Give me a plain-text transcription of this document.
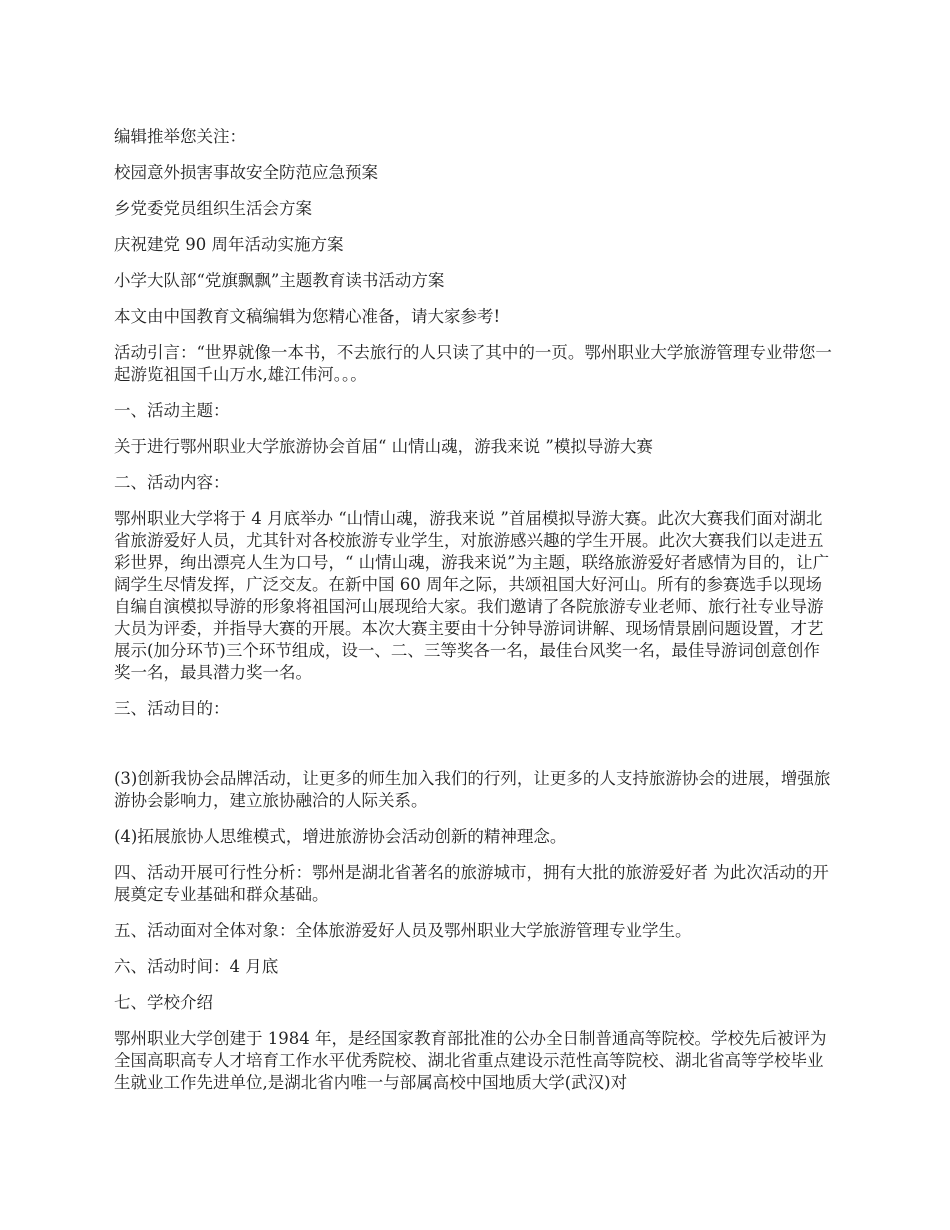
编辑推举您关注：

校园意外损害事故安全防范应急预案

乡党委党员组织生活会方案

庆祝建党 90 周年活动实施方案

小学大队部“党旗飘飘”主题教育读书活动方案

本文由中国教育文稿编辑为您精心准备，请大家参考!

活动引言：“世界就像一本书，不去旅行的人只读了其中的一页。鄂州职业大学旅游管理专业带您一起游览祖国千山万水,雄江伟河。。。

一、活动主题：

关于进行鄂州职业大学旅游协会首届“ 山情山魂，游我来说 ”模拟导游大赛

二、活动内容：

鄂州职业大学将于 4 月底举办 “山情山魂，游我来说 ”首届模拟导游大赛。此次大赛我们面对湖北省旅游爱好人员，尤其针对各校旅游专业学生，对旅游感兴趣的学生开展。此次大赛我们以走进五彩世界，绚出漂亮人生为口号，“ 山情山魂，游我来说”为主题，联络旅游爱好者感情为目的，让广阔学生尽情发挥，广泛交友。在新中国 60 周年之际，共颂祖国大好河山。所有的参赛选手以现场自编自演模拟导游的形象将祖国河山展现给大家。我们邀请了各院旅游专业老师、旅行社专业导游大员为评委，并指导大赛的开展。本次大赛主要由十分钟导游词讲解、现场情景剧问题设置，才艺展示(加分环节)三个环节组成，设一、二、三等奖各一名，最佳台风奖一名，最佳导游词创意创作奖一名，最具潜力奖一名。

三、活动目的：

(3)创新我协会品牌活动，让更多的师生加入我们的行列，让更多的人支持旅游协会的进展，增强旅游协会影响力，建立旅协融洽的人际关系。

(4)拓展旅协人思维模式，增进旅游协会活动创新的精神理念。

四、活动开展可行性分析：鄂州是湖北省著名的旅游城市，拥有大批的旅游爱好者 为此次活动的开展奠定专业基础和群众基础。

五、活动面对全体对象：全体旅游爱好人员及鄂州职业大学旅游管理专业学生。

六、活动时间：4 月底

七、学校介绍

鄂州职业大学创建于 1984 年，是经国家教育部批准的公办全日制普通高等院校。学校先后被评为全国高职高专人才培育工作水平优秀院校、湖北省重点建设示范性高等院校、湖北省高等学校毕业生就业工作先进单位,是湖北省内唯一与部属高校中国地质大学(武汉)对
